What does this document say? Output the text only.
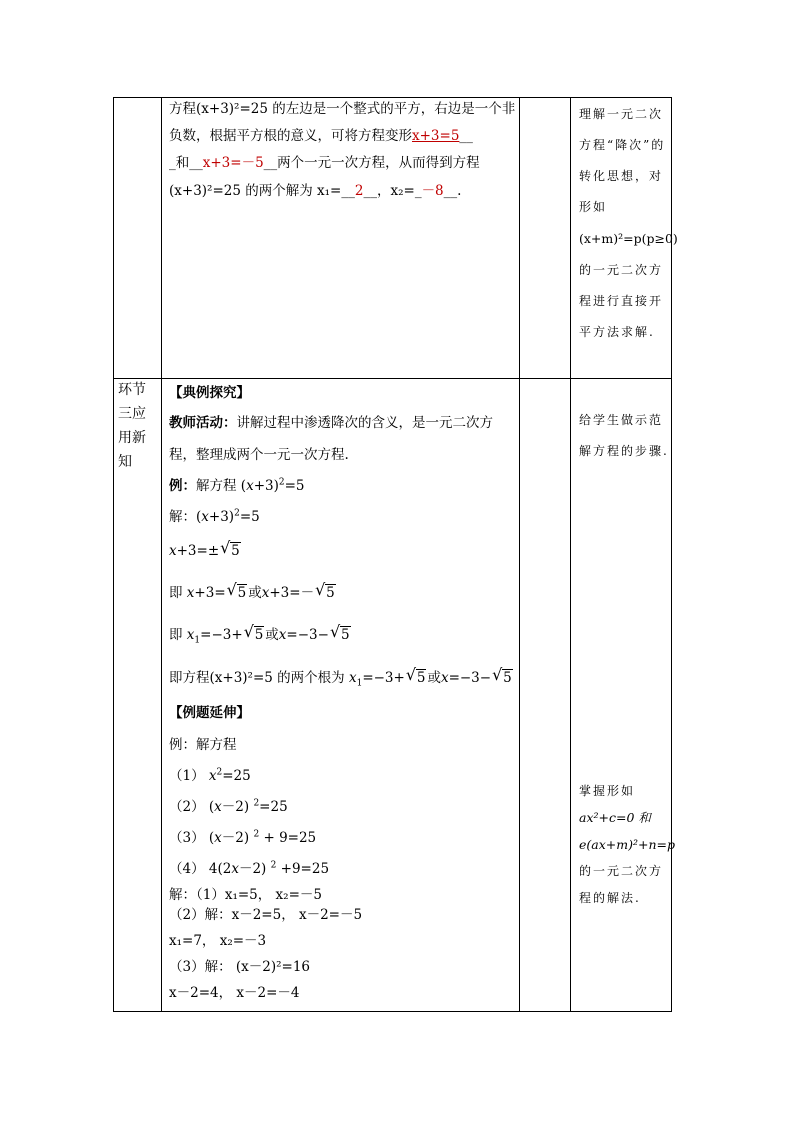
方程(x+3)²=25 的左边是一个整式的平方，右边是一个非
负数，根据平方根的意义，可将方程变形x+3=5__
_和__x+3=－5__两个一元一次方程，从而得到方程
(x+3)²=25 的两个解为 x₁=__2__，x₂=_－8__.
理解一元二次
方程“降次”的
转化思想，对
形如
(x+m)²=p(p≥0)
的一元二次方
程进行直接开
平方法求解.
环节
三应
用新
知
【典例探究】
教师活动：讲解过程中渗透降次的含义，是一元二次方
程，整理成两个一元一次方程.
例：解方程 $(x+3)^2=5$
解：$(x+3)^2=5$
x+3=± √ 5
即 x+3= √ 5 或x+3=－ √ 5
即 $x_1=-3+$ √ 5 或x=−3− √ 5
即方程(x+3)²=5 的两个根为 $x_1=-3+$ √ 5 或x=−3− √ 5
【例题延伸】
例：解方程
（1） $x^2=25$
（2） (x－2) $^2$=25
（3） (x－2) $^2$ + 9=25
（4） 4(2x－2) $^2$ +9=25
解：（1）x₁=5， x₂=－5
（2）解：x－2=5， x－2=－5
x₁=7， x₂=－3
（3）解： (x－2)²=16
x－2=4， x－2=－4
给学生做示范
解方程的步骤.
掌握形如
ax²+c=0 和
e(ax+m)²+n=p
的一元二次方
程的解法.
